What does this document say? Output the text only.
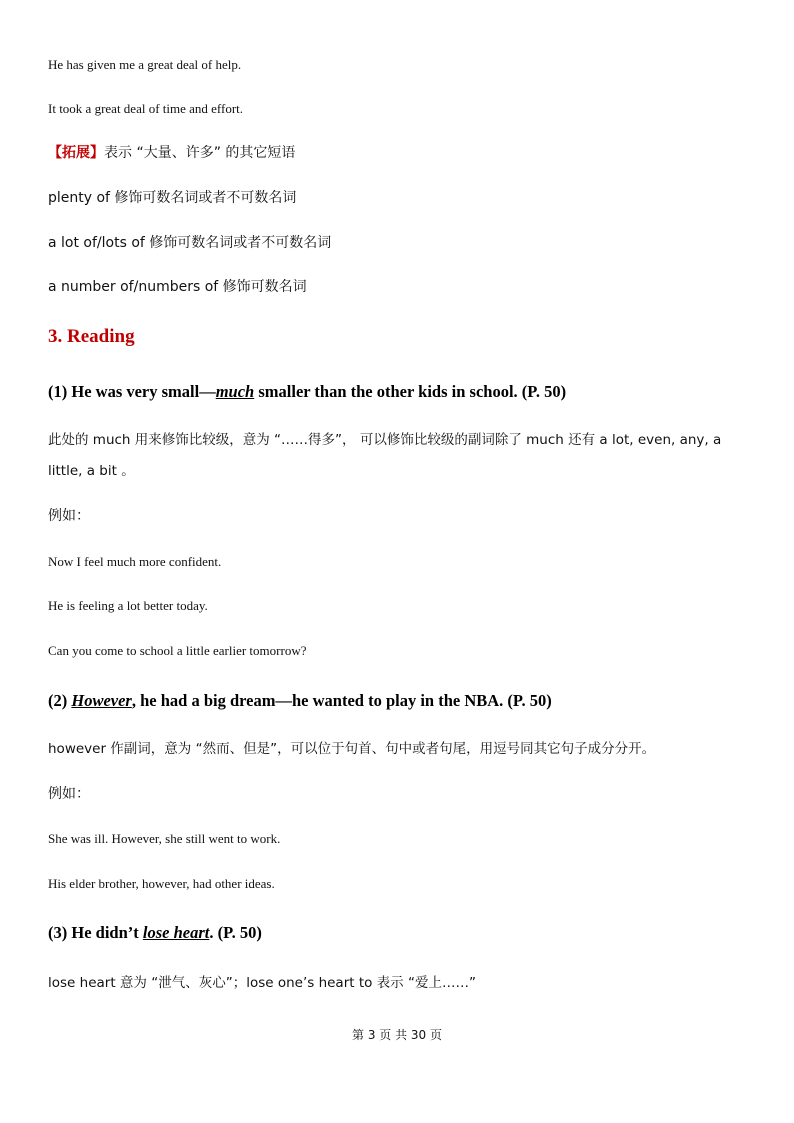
He has given me a great deal of help.
It took a great deal of time and effort.
【拓展】表示 “大量、许多” 的其它短语
plenty of 修饰可数名词或者不可数名词
a lot of/lots of 修饰可数名词或者不可数名词
a number of/numbers of 修饰可数名词
3. Reading
(1) He was very small—much smaller than the other kids in school. (P. 50)
此处的 much 用来修饰比较级，意为 “……得多”， 可以修饰比较级的副词除了 much 还有 a lot, even, any, a little, a bit 。
例如：
Now I feel much more confident.
He is feeling a lot better today.
Can you come to school a little earlier tomorrow?
(2) However, he had a big dream—he wanted to play in the NBA. (P. 50)
however 作副词，意为 “然而、但是”，可以位于句首、句中或者句尾，用逗号同其它句子成分分开。
例如：
She was ill. However, she still went to work.
His elder brother, however, had other ideas.
(3) He didn’t lose heart. (P. 50)
lose heart 意为 “泄气、灰心”；lose one’s heart to 表示 “爱上……”
第 3 页 共 30 页
